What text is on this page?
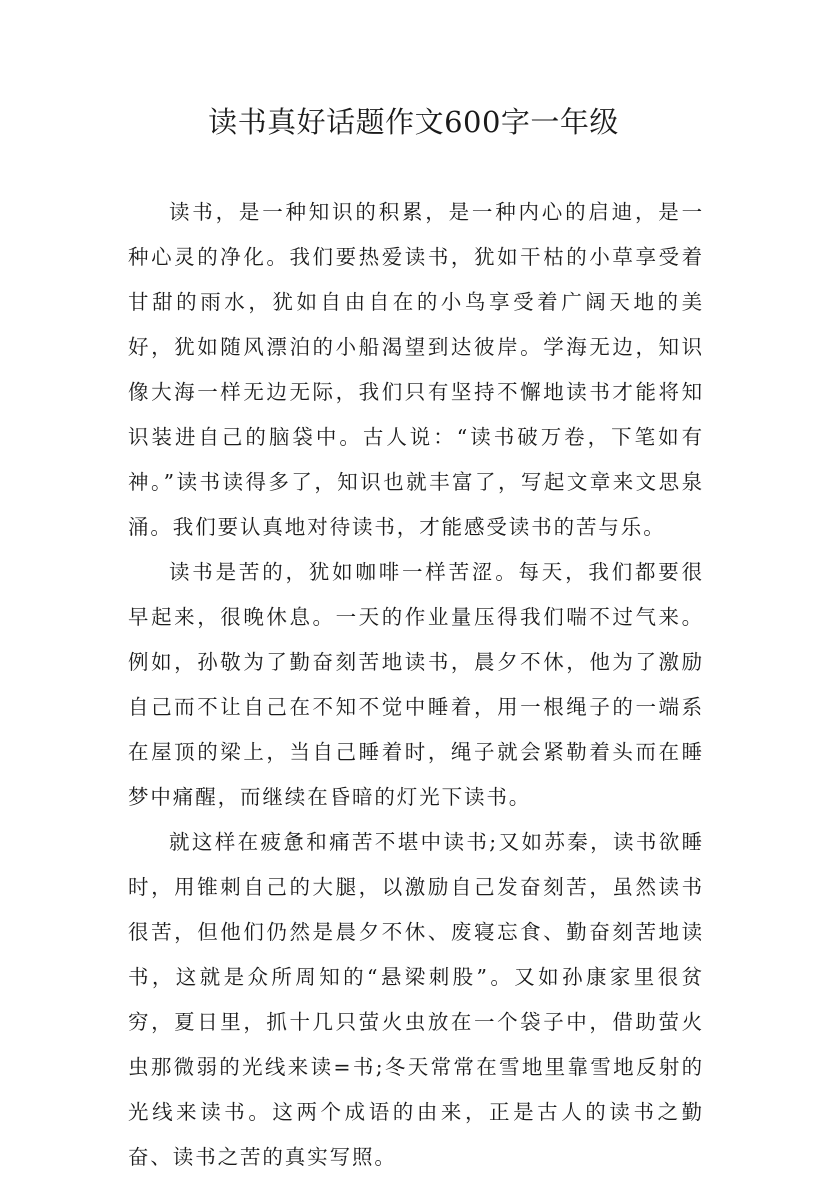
读书真好话题作文600字一年级

读书，是一种知识的积累，是一种内心的启迪，是一种心灵的净化。我们要热爱读书，犹如干枯的小草享受着甘甜的雨水，犹如自由自在的小鸟享受着广阔天地的美好，犹如随风漂泊的小船渴望到达彼岸。学海无边，知识像大海一样无边无际，我们只有坚持不懈地读书才能将知识装进自己的脑袋中。古人说：“读书破万卷，下笔如有神。”读书读得多了，知识也就丰富了，写起文章来文思泉涌。我们要认真地对待读书，才能感受读书的苦与乐。

读书是苦的，犹如咖啡一样苦涩。每天，我们都要很早起来，很晚休息。一天的作业量压得我们喘不过气来。例如，孙敬为了勤奋刻苦地读书，晨夕不休，他为了激励自己而不让自己在不知不觉中睡着，用一根绳子的一端系在屋顶的梁上，当自己睡着时，绳子就会紧勒着头而在睡梦中痛醒，而继续在昏暗的灯光下读书。

就这样在疲惫和痛苦不堪中读书;又如苏秦，读书欲睡时，用锥刺自己的大腿，以激励自己发奋刻苦，虽然读书很苦，但他们仍然是晨夕不休、废寝忘食、勤奋刻苦地读书，这就是众所周知的“悬梁刺股”。又如孙康家里很贫穷，夏日里，抓十几只萤火虫放在一个袋子中，借助萤火虫那微弱的光线来读=书;冬天常常在雪地里靠雪地反射的光线来读书。这两个成语的由来，正是古人的读书之勤奋、读书之苦的真实写照。
